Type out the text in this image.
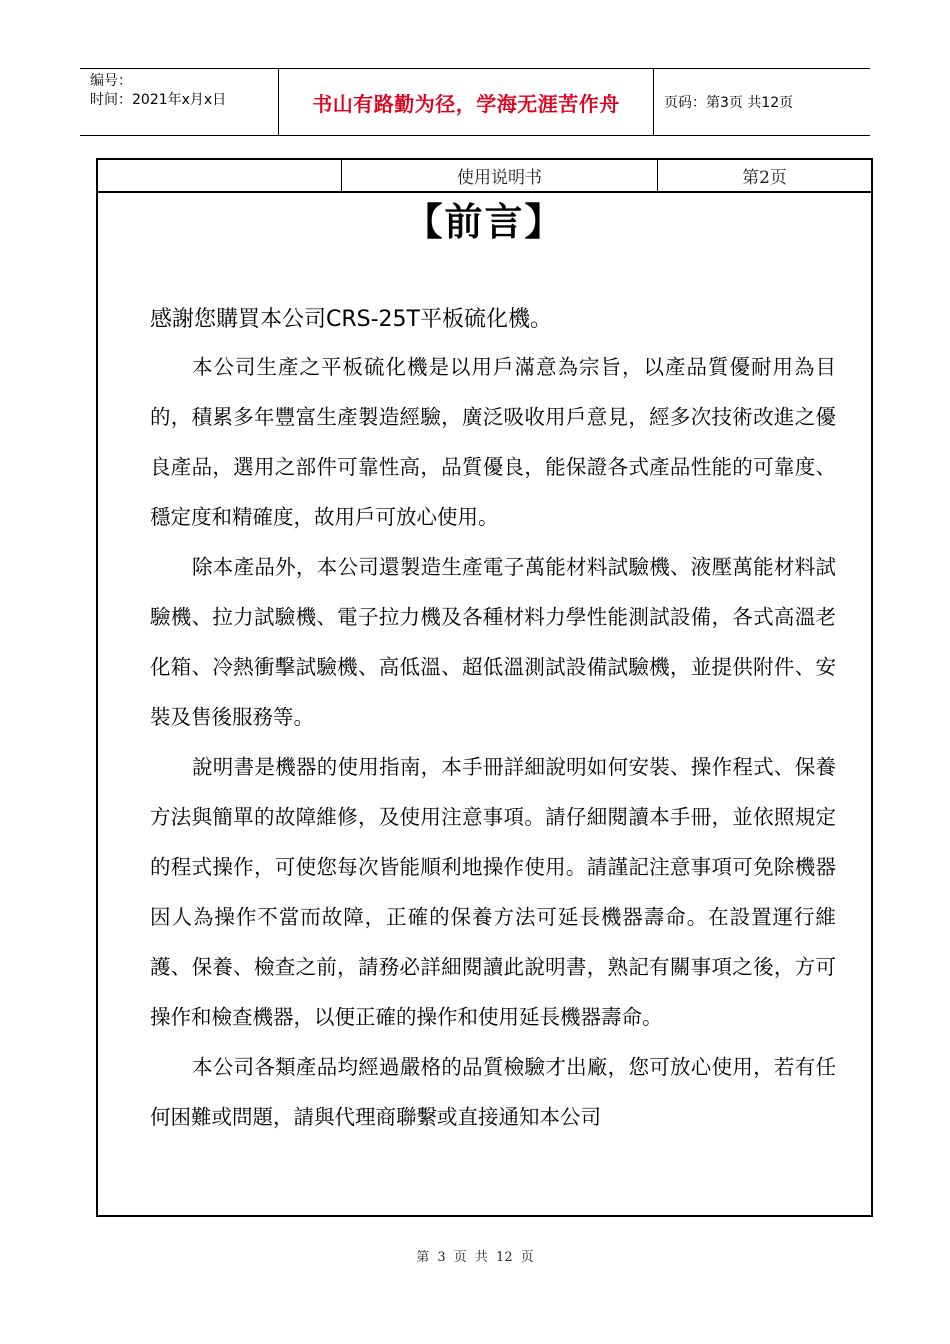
编号：
时间：2021年x月x日	书山有路勤为径，学海无涯苦作舟	页码：第3页 共12页
使用说明书	第2页
【前言】

感謝您購買本公司CRS-25T平板硫化機。

本公司生產之平板硫化機是以用戶滿意為宗旨，以產品質優耐用為目的，積累多年豐富生產製造經驗，廣泛吸收用戶意見，經多次技術改進之優良產品，選用之部件可靠性高，品質優良，能保證各式產品性能的可靠度、穩定度和精確度，故用戶可放心使用。

除本產品外，本公司還製造生產電子萬能材料試驗機、液壓萬能材料試驗機、拉力試驗機、電子拉力機及各種材料力學性能測試設備，各式高溫老化箱、冷熱衝擊試驗機、高低溫、超低溫測試設備試驗機，並提供附件、安裝及售後服務等。

說明書是機器的使用指南，本手冊詳細說明如何安裝、操作程式、保養方法與簡單的故障維修，及使用注意事項。請仔細閱讀本手冊，並依照規定的程式操作，可使您每次皆能順利地操作使用。請謹記注意事項可免除機器因人為操作不當而故障，正確的保養方法可延長機器壽命。在設置運行維護、保養、檢查之前，請務必詳細閱讀此說明書，熟記有關事項之後，方可操作和檢查機器，以便正確的操作和使用延長機器壽命。

本公司各類產品均經過嚴格的品質檢驗才出廠，您可放心使用，若有任何困難或問題，請與代理商聯繫或直接通知本公司

第 3 页 共 12 页
